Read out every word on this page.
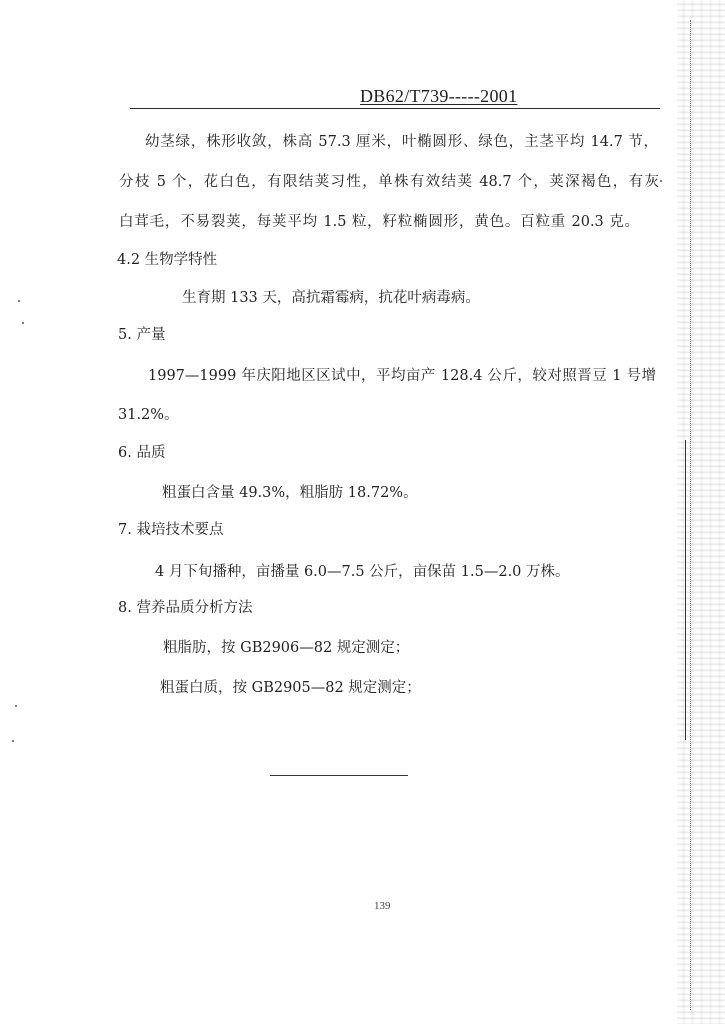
DB62/T739-----2001
幼茎绿，株形收敛，株高 57.3 厘米，叶椭圆形、绿色，主茎平均 14.7 节，
分枝 5 个，花白色，有限结荚习性，单株有效结荚 48.7 个，荚深褐色，有灰
白茸毛，不易裂荚，每荚平均 1.5 粒，籽粒椭圆形，黄色。百粒重 20.3 克。
4.2 生物学特性
生育期 133 天，高抗霜霉病，抗花叶病毒病。
5. 产量
1997—1999 年庆阳地区区试中，平均亩产 128.4 公斤，较对照晋豆 1 号增
31.2%。
6. 品质
粗蛋白含量 49.3%，粗脂肪 18.72%。
7. 栽培技术要点
4 月下旬播种，亩播量 6.0—7.5 公斤，亩保苗 1.5—2.0 万株。
8. 营养品质分析方法
粗脂肪，按 GB2906—82 规定测定；
粗蛋白质，按 GB2905—82 规定测定；
139
